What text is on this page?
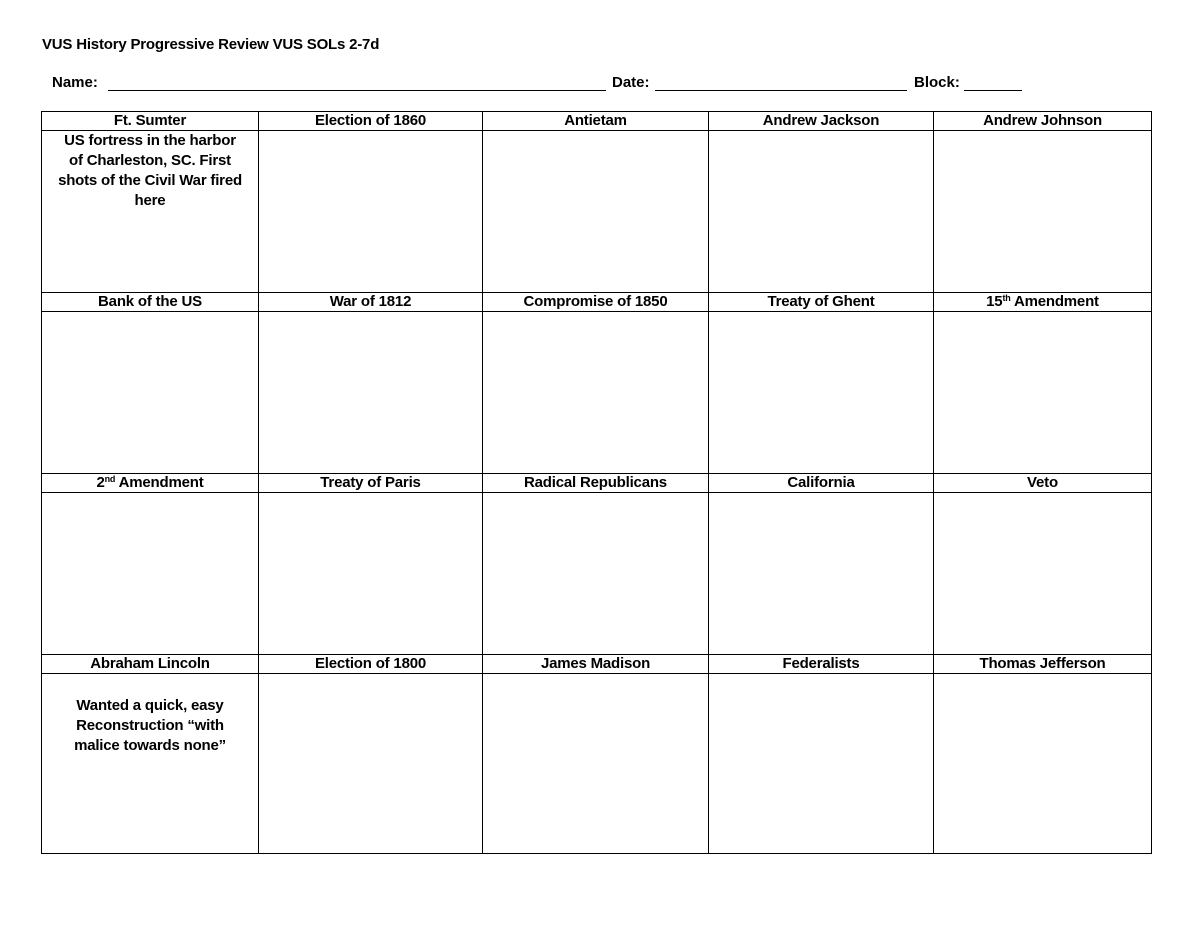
VUS History Progressive Review VUS SOLs 2-7d
Name:	Date:	Block:
Ft. Sumter	Election of 1860	Antietam	Andrew Jackson	Andrew Johnson

US fortress in the harbor of Charleston, SC. First shots of the Civil War fired here				

Bank of the US	War of 1812	Compromise of 1850	Treaty of Ghent	15th Amendment

2nd Amendment	Treaty of Paris	Radical Republicans	California	Veto

Abraham Lincoln	Election of 1800	James Madison	Federalists	Thomas Jefferson

Wanted a quick, easy Reconstruction “with malice towards none”				
